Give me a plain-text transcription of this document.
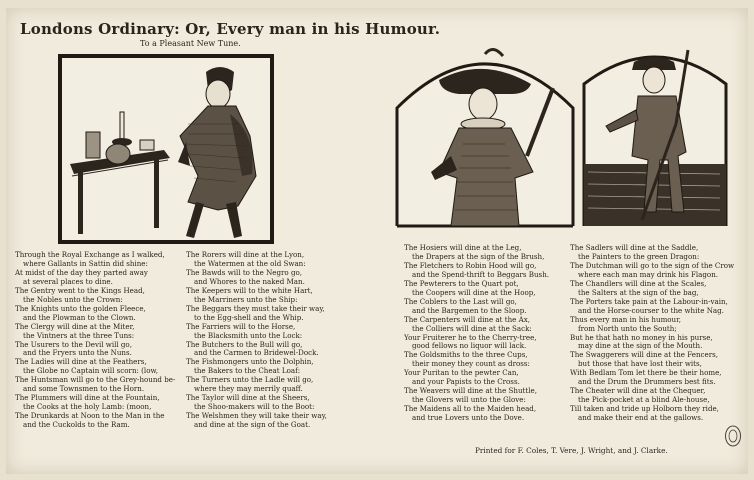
Londons Ordinary: Or, Every man in his Humour.
To a Pleasant New Tune.
Through the Royal Exchange as I walked,
where Gallants in Sattin did shine:
At midst of the day they parted away
at several places to dine.
The Gentry went to the Kings Head,
the Nobles unto the Crown:
The Knights unto the golden Fleece,
and the Plowman to the Clown.
The Clergy will dine at the Miter,
the Vintners at the three Tuns:
The Usurers to the Devil will go,
and the Fryers unto the Nuns.
The Ladies will dine at the Feathers,
the Globe no Captain will scorn: (low,
The Huntsman will go to the Grey-hound be-
and some Townsmen to the Horn.
The Plummers will dine at the Fountain,
the Cooks at the holy Lamb: (moon,
The Drunkards at Noon to the Man in the
and the Cuckolds to the Ram.
The Rorers will dine at the Lyon,
the Watermen at the old Swan:
The Bawds will to the Negro go,
and Whores to the naked Man.
The Keepers will to the white Hart,
the Marriners unto the Ship:
The Beggars they must take their way,
to the Egg-shell and the Whip.
The Farriers will to the Horse,
the Blacksmith unto the Lock:
The Butchers to the Bull will go,
and the Carmen to Bridewel-Dock.
The Fishmongers unto the Dolphin,
the Bakers to the Cheat Loaf:
The Turners unto the Ladle will go,
where they may merrily quaff.
The Taylor will dine at the Sheers,
the Shoo-makers will to the Boot:
The Welshmen they will take their way,
and dine at the sign of the Goat.
The Hosiers will dine at the Leg,
the Drapers at the sign of the Brush,
The Fletchers to Robin Hood will go,
and the Spend-thrift to Beggars Bush.
The Pewterers to the Quart pot,
the Coopers will dine at the Hoop,
The Coblers to the Last will go,
and the Bargemen to the Sloop.
The Carpenters will dine at the Ax,
the Colliers will dine at the Sack:
Your Fruiterer he to the Cherry-tree,
good fellows no liquor will lack.
The Goldsmiths to the three Cups,
their money they count as dross:
Your Puritan to the pewter Can,
and your Papists to the Cross.
The Weavers will dine at the Shuttle,
the Glovers will unto the Glove:
The Maidens all to the Maiden head,
and true Lovers unto the Dove.
The Sadlers will dine at the Saddle,
the Painters to the green Dragon:
The Dutchman will go to the sign of the Crow
where each man may drink his Flagon.
The Chandlers will dine at the Scales,
the Salters at the sign of the bag,
The Porters take pain at the Labour-in-vain,
and the Horse-courser to the white Nag.
Thus every man in his humour,
from North unto the South;
But he that hath no money in his purse,
may dine at the sign of the Mouth.
The Swaggerers will dine at the Fencers,
but those that have lost their wits,
With Bedlam Tom let there be their home,
and the Drum the Drummers best fits.
The Cheater will dine at the Chequer,
the Pick-pocket at a blind Ale-house,
Till taken and tride up Holborn they ride,
and make their end at the gallows.
Printed for F. Coles, T. Vere, J. Wright, and J. Clarke.
